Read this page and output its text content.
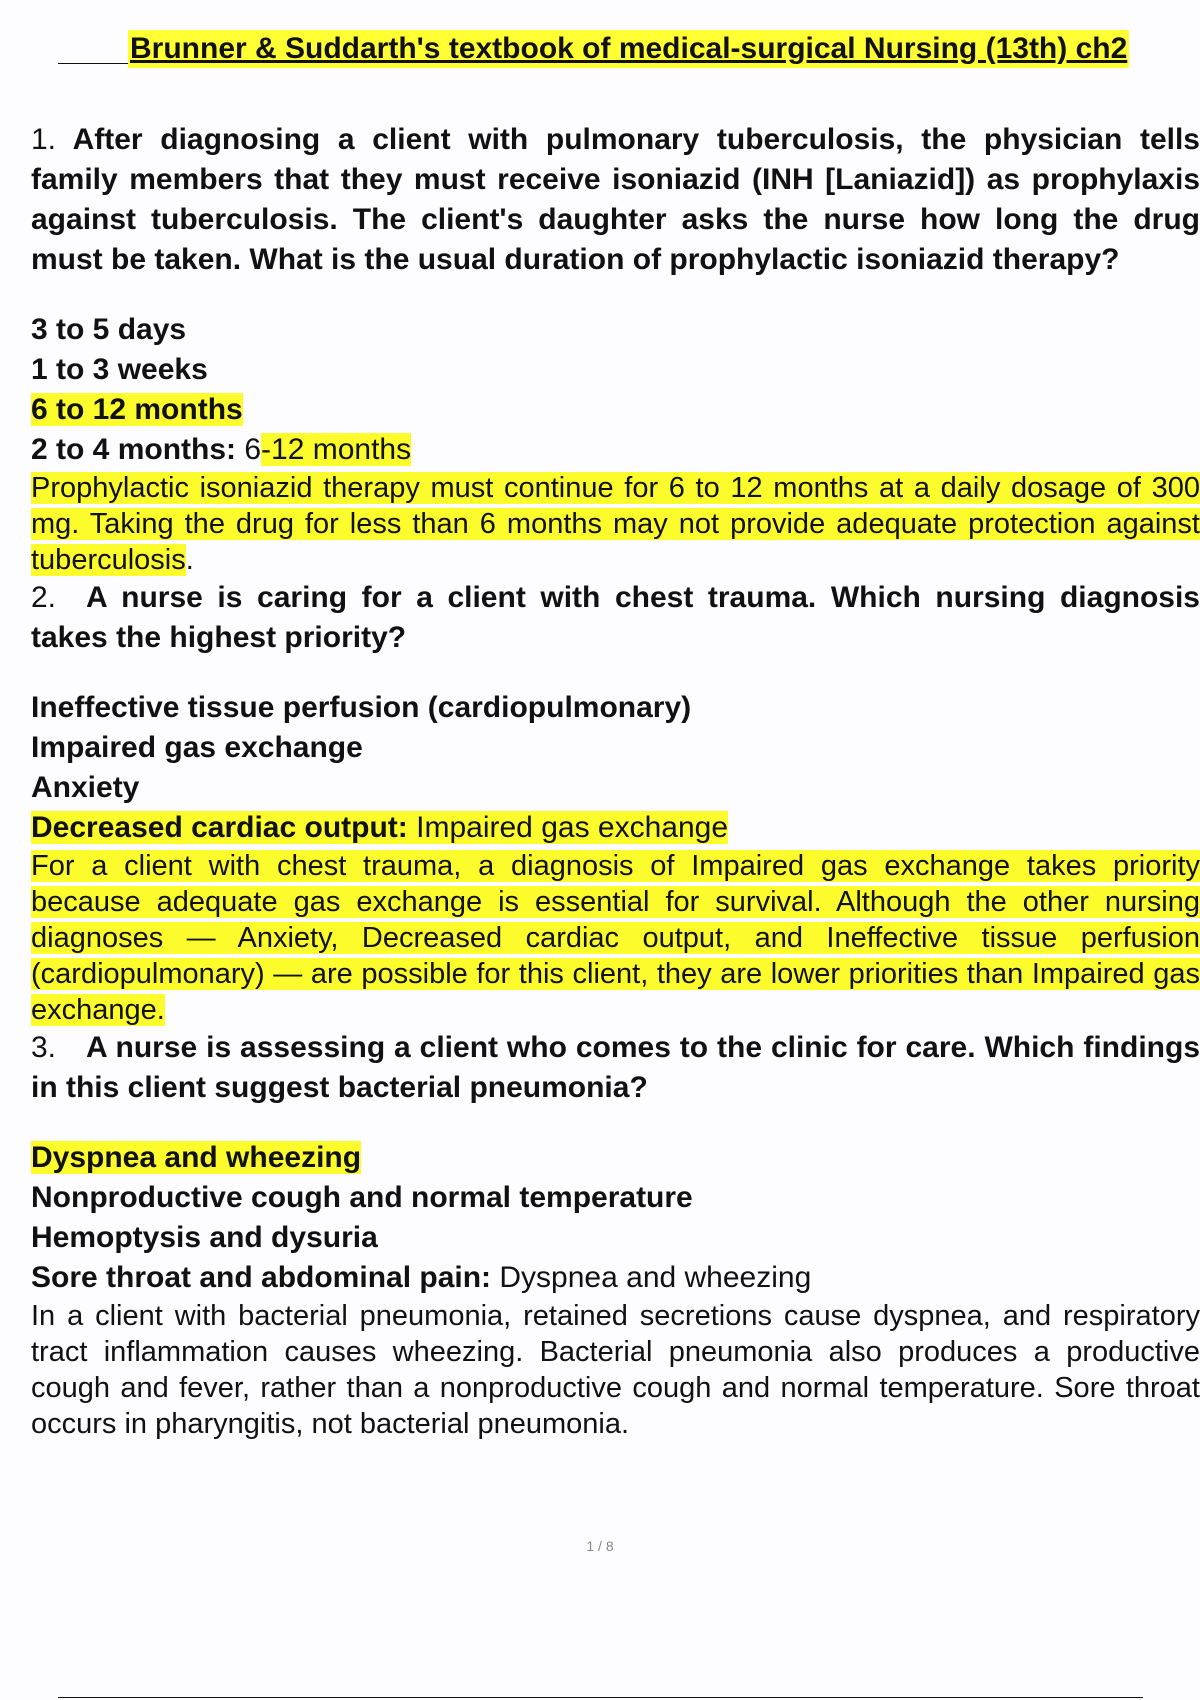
Brunner & Suddarth's textbook of medical-surgical Nursing (13th) ch2
1. After diagnosing a client with pulmonary tuberculosis, the physician tells family members that they must receive isoniazid (INH [Laniazid]) as prophylaxis against tuberculosis. The client's daughter asks the nurse how long the drug must be taken. What is the usual duration of prophylactic isoniazid therapy?
3 to 5 days
1 to 3 weeks
6 to 12 months
2 to 4 months: 6-12 months
Prophylactic isoniazid therapy must continue for 6 to 12 months at a daily dosage of 300 mg. Taking the drug for less than 6 months may not provide adequate protection against tuberculosis.
2. A nurse is caring for a client with chest trauma. Which nursing diagnosis takes the highest priority?
Ineffective tissue perfusion (cardiopulmonary)
Impaired gas exchange
Anxiety
Decreased cardiac output: Impaired gas exchange
For a client with chest trauma, a diagnosis of Impaired gas exchange takes priority because adequate gas exchange is essential for survival. Although the other nursing diagnoses — Anxiety, Decreased cardiac output, and Ineffective tissue perfusion (cardiopulmonary) — are possible for this client, they are lower priorities than Impaired gas exchange.
3. A nurse is assessing a client who comes to the clinic for care. Which findings in this client suggest bacterial pneumonia?
Dyspnea and wheezing
Nonproductive cough and normal temperature
Hemoptysis and dysuria
Sore throat and abdominal pain: Dyspnea and wheezing
In a client with bacterial pneumonia, retained secretions cause dyspnea, and respiratory tract inflammation causes wheezing. Bacterial pneumonia also produces a productive cough and fever, rather than a nonproductive cough and normal temperature. Sore throat occurs in pharyngitis, not bacterial pneumonia.
1 / 8
